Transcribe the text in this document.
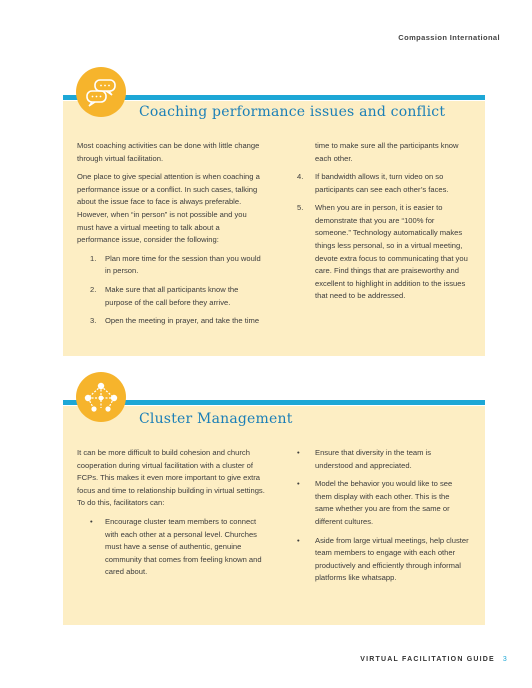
Compassion International
Coaching performance issues and conflict

Most coaching activities can be done with little change through virtual facilitation.

One place to give special attention is when coaching a performance issue or a conflict. In such cases, talking about the issue face to face is always preferable. However, when “in person” is not possible and you must have a virtual meeting to talk about a performance issue, consider the following:

1.	Plan more time for the session than you would in person.
2.	Make sure that all participants know the purpose of the call before they arrive.
3.	Open the meeting in prayer, and take the time
time to make sure all the participants know each other.
4.	If bandwidth allows it, turn video on so participants can see each other’s faces.
5.	When you are in person, it is easier to demonstrate that you are “100% for someone.” Technology automatically makes things less personal, so in a virtual meeting, devote extra focus to communicating that you care. Find things that are praiseworthy and excellent to highlight in addition to the issues that need to be addressed.
Cluster Management

It can be more difficult to build cohesion and church cooperation during virtual facilitation with a cluster of FCPs. This makes it even more important to give extra focus and time to relationship building in virtual settings. To do this, facilitators can:

•	Encourage cluster team members to connect with each other at a personal level. Churches must have a sense of authentic, genuine community that comes from feeling known and cared about.
•	Ensure that diversity in the team is understood and appreciated.
•	Model the behavior you would like to see them display with each other. This is the same whether you are from the same or different cultures.
•	Aside from large virtual meetings, help cluster team members to engage with each other productively and efficiently through informal platforms like whatsapp.
VIRTUAL FACILITATION GUIDE 3
